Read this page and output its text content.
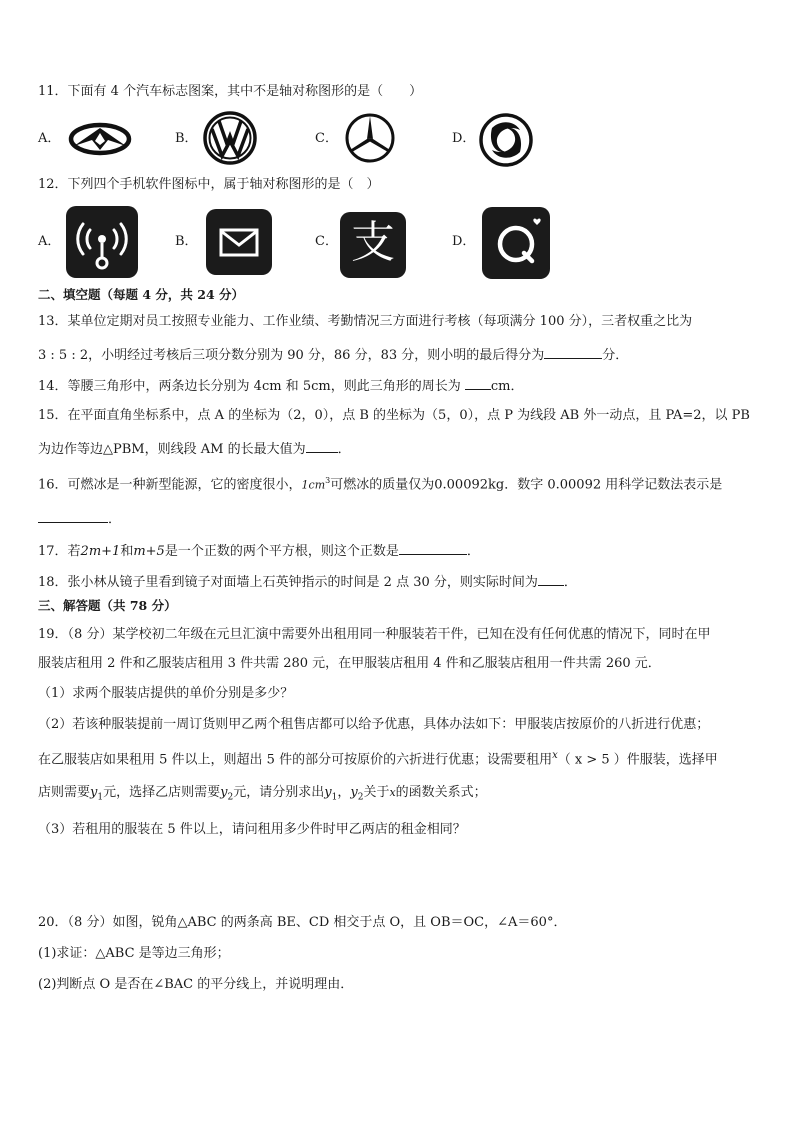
11．下面有 4 个汽车标志图案，其中不是轴对称图形的是（　　）
A．	B．	C．	D．
12．下列四个手机软件图标中，属于轴对称图形的是（　）
A．	B．	C． 支	D．
二、填空题（每题 4 分，共 24 分）
13．某单位定期对员工按照专业能力、工作业绩、考勤情况三方面进行考核（每项满分 100 分），三者权重之比为
3 : 5 : 2，小明经过考核后三项分数分别为 90 分，86 分，83 分，则小明的最后得分为	分．
14．等腰三角形中，两条边长分别为 4cm 和 5cm，则此三角形的周长为 cm．
15．在平面直角坐标系中，点 A 的坐标为（2，0），点 B 的坐标为（5，0），点 P 为线段 AB 外一动点，且 PA=2，以 PB
为边作等边△PBM，则线段 AM 的长最大值为 ．
16．可燃冰是一种新型能源，它的密度很小，$1cm^3$可燃冰的质量仅为0.00092kg．数字 0.00092 用科学记数法表示是
．
17．若2m+1和m+5是一个正数的两个平方根，则这个正数是	．
18．张小林从镜子里看到镜子对面墙上石英钟指示的时间是 2 点 30 分，则实际时间为 ．
三、解答题（共 78 分）
19．（8 分）某学校初二年级在元旦汇演中需要外出租用同一种服装若干件，已知在没有任何优惠的情况下，同时在甲
服装店租用 2 件和乙服装店租用 3 件共需 280 元，在甲服装店租用 4 件和乙服装店租用一件共需 260 元．
（1）求两个服装店提供的单价分别是多少？
（2）若该种服装提前一周订货则甲乙两个租售店都可以给予优惠，具体办法如下：甲服装店按原价的八折进行优惠；
在乙服装店如果租用 5 件以上，则超出 5 件的部分可按原价的六折进行优惠；设需要租用$^x$（ x > 5 ）件服装，选择甲
店则需要$y_1$元，选择乙店则需要$y_2$元，请分别求出$y_1$，$y_2$关于x的函数关系式；
（3）若租用的服装在 5 件以上，请问租用多少件时甲乙两店的租金相同？
20．（8 分）如图，锐角△ABC 的两条高 BE、CD 相交于点 O，且 OB＝OC，∠A＝60°．
(1)求证：△ABC 是等边三角形；
(2)判断点 O 是否在∠BAC 的平分线上，并说明理由．
